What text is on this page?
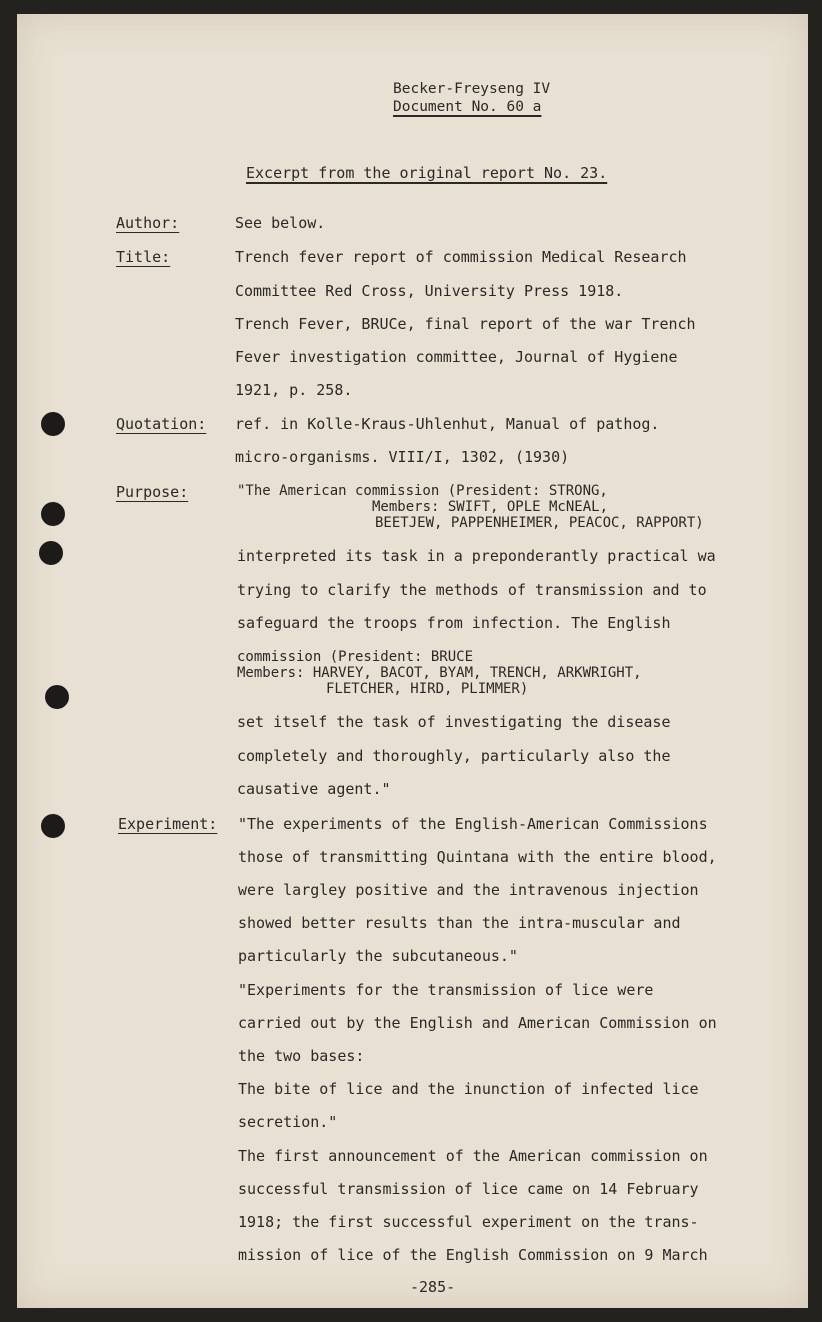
Becker-Freyseng IV
Document No. 60 a
Excerpt from the original report No. 23.
Author:	See below.
Title:	Trench fever report of commission Medical Research
Committee Red Cross, University Press 1918.
Trench Fever, BRUCe, final report of the war Trench
Fever investigation committee, Journal of Hygiene
1921, p. 258.
Quotation: ref. in Kolle-Kraus-Uhlenhut, Manual of pathog.
micro-organisms. VIII/I, 1302, (1930)
Purpose:	"The American commission (President: STRONG,
Members: SWIFT, OPLE McNEAL,
BEETJEW, PAPPENHEIMER, PEACOC, RAPPORT)
interpreted its task in a preponderantly practical wa
trying to clarify the methods of transmission and to
safeguard the troops from infection. The English
commission (President: BRUCE
Members: HARVEY, BACOT, BYAM, TRENCH, ARKWRIGHT,
FLETCHER, HIRD, PLIMMER)
set itself the task of investigating the disease
completely and thoroughly, particularly also the
causative agent."
Experiment: "The experiments of the English-American Commissions
those of transmitting Quintana with the entire blood,
were largley positive and the intravenous injection
showed better results than the intra-muscular and
particularly the subcutaneous."
"Experiments for the transmission of lice were
carried out by the English and American Commission on
the two bases:
The bite of lice and the inunction of infected lice
secretion."
The first announcement of the American commission on
successful transmission of lice came on 14 February
1918; the first successful experiment on the trans-
mission of lice of the English Commission on 9 March
-285-
